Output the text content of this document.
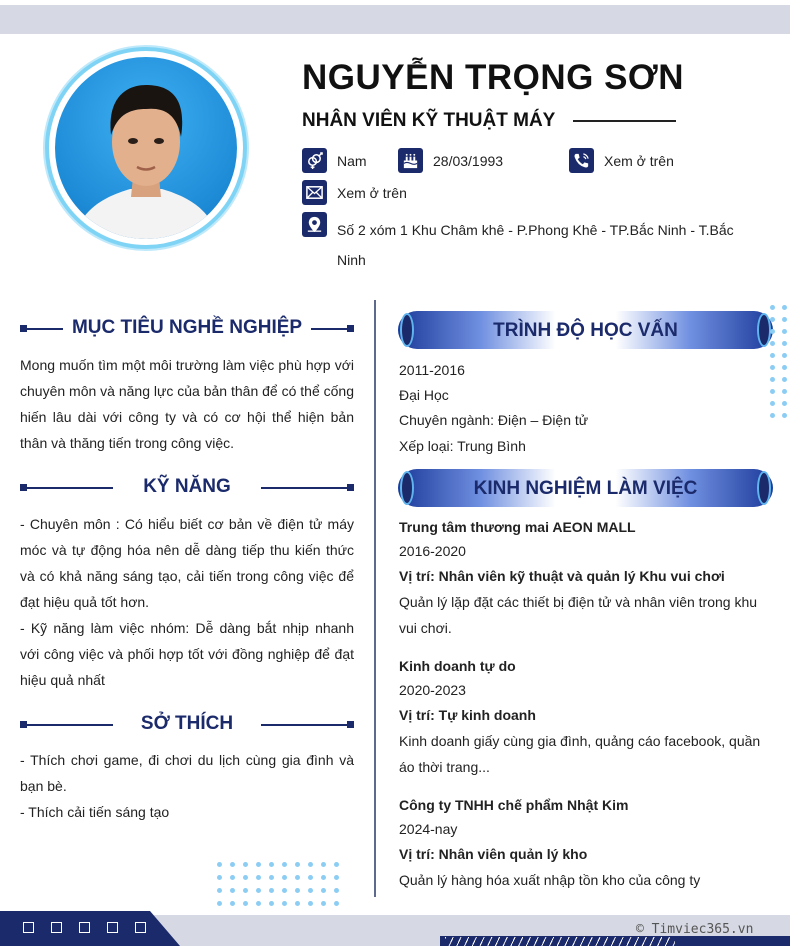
NGUYỄN TRỌNG SƠN
NHÂN VIÊN KỸ THUẬT MÁY
Nam	28/03/1993	Xem ở trên
Xem ở trên
Số 2 xóm 1 Khu Châm khê - P.Phong Khê - TP.Bắc Ninh - T.Bắc Ninh
MỤC TIÊU NGHỀ NGHIỆP
Mong muốn tìm một môi trường làm việc phù hợp với chuyên môn và năng lực của bản thân để có thể cống hiến lâu dài với công ty và có cơ hội thể hiện bản thân và thăng tiến trong công việc.
KỸ NĂNG
- Chuyên môn : Có hiểu biết cơ bản về điện tử máy móc và tự động hóa nên dễ dàng tiếp thu kiến thức và có khả năng sáng tạo, cải tiến trong công việc để đạt hiệu quả tốt hơn.
- Kỹ năng làm việc nhóm: Dễ dàng bắt nhịp nhanh với công việc và phối hợp tốt với đồng nghiệp để đạt hiệu quả nhất
SỞ THÍCH
- Thích chơi game, đi chơi du lịch cùng gia đình và bạn bè.
- Thích cải tiến sáng tạo
TRÌNH ĐỘ HỌC VẤN
2011-2016
Đại Học
Chuyên ngành: Điện – Điện tử
Xếp loại: Trung Bình
KINH NGHIỆM LÀM VIỆC
Trung tâm thương mai AEON MALL
2016-2020
Vị trí: Nhân viên kỹ thuật và quản lý Khu vui chơi
Quản lý lặp đặt các thiết bị điện tử và nhân viên trong khu vui chơi.
Kinh doanh tự do
2020-2023
Vị trí: Tự kinh doanh
Kinh doanh giấy cùng gia đình, quảng cáo facebook, quần áo thời trang...
Công ty TNHH chế phẩm Nhật Kim
2024-nay
Vị trí: Nhân viên quản lý kho
Quản lý hàng hóa xuất nhập tồn kho của công ty
© Timviec365.vn
